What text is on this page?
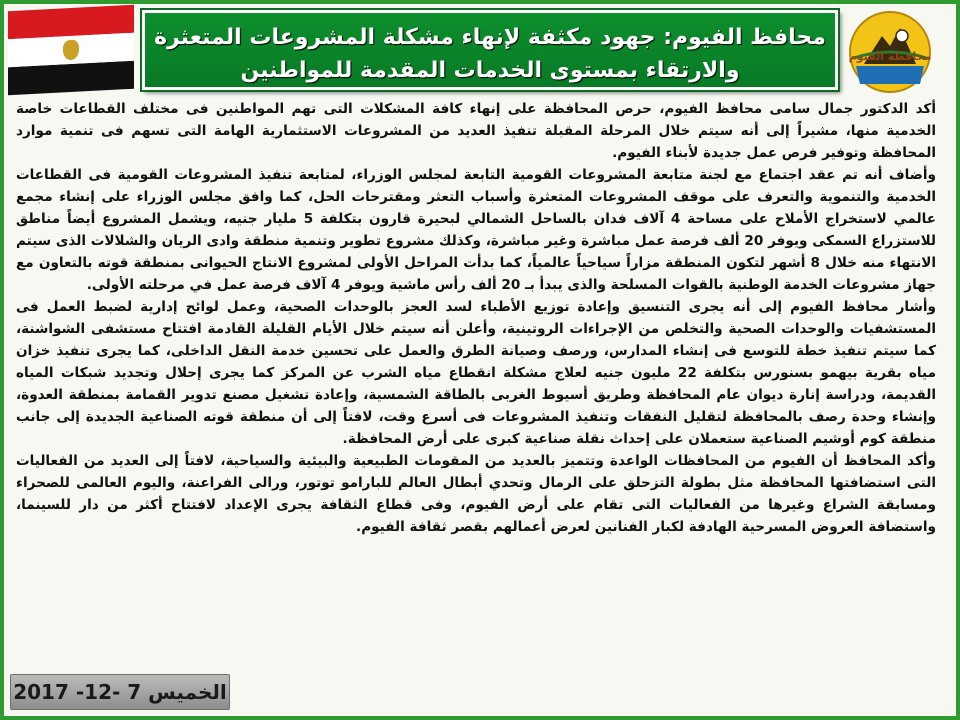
محافظ الفيوم: جهود مكثفة لإنهاء مشكلة المشروعات المتعثرة
والارتقاء بمستوى الخدمات المقدمة للمواطنين
محافظة الفيوم

أكد الدكتور جمال سامى محافظ الفيوم، حرص المحافظة على إنهاء كافة المشكلات التى تهم المواطنين فى مختلف القطاعات خاصة الخدمية منها، مشيراً إلى أنه سيتم خلال المرحلة المقبلة تنفيذ العديد من المشروعات الاستثمارية الهامة التى تسهم فى تنمية موارد المحافظة وتوفير فرص عمل جديدة لأبناء الفيوم.

وأضاف أنه تم عقد اجتماع مع لجنة متابعة المشروعات القومية التابعة لمجلس الوزراء، لمتابعة تنفيذ المشروعات القومية فى القطاعات الخدمية والتنموية والتعرف على موقف المشروعات المتعثرة وأسباب التعثر ومقترحات الحل، كما وافق مجلس الوزراء على إنشاء مجمع عالمي لاستخراج الأملاح على مساحة 4 آلاف فدان بالساحل الشمالي لبحيرة قارون بتكلفة 5 مليار جنيه، ويشمل المشروع أيضاً مناطق للاستزراع السمكى ويوفر 20 ألف فرصة عمل مباشرة وغير مباشرة، وكذلك مشروع تطوير وتنمية منطقة وادى الريان والشلالات الذى سيتم الانتهاء منه خلال 8 أشهر لتكون المنطقة مزاراً سياحياً عالمياً، كما بدأت المراحل الأولى لمشروع الانتاج الحيوانى بمنطقة قوته بالتعاون مع جهاز مشروعات الخدمة الوطنية بالقوات المسلحة والذى يبدأ بـ 20 ألف رأس ماشية ويوفر 4 آلاف فرصة عمل في مرحلته الأولى.

وأشار محافظ الفيوم إلى أنه يجرى التنسيق وإعادة توزيع الأطباء لسد العجز بالوحدات الصحية، وعمل لوائح إدارية لضبط العمل فى المستشفيات والوحدات الصحية والتخلص من الإجراءات الروتينية، وأعلن أنه سيتم خلال الأيام القليلة القادمة افتتاح مستشفى الشواشنة، كما سيتم تنفيذ خطة للتوسع فى إنشاء المدارس، ورصف وصيانة الطرق والعمل على تحسين خدمة النقل الداخلى، كما يجرى تنفيذ خزان مياه بقرية بيهمو بسنورس بتكلفة 22 مليون جنيه لعلاج مشكلة انقطاع مياه الشرب عن المركز كما يجرى إحلال وتجديد شبكات المياه القديمة، ودراسة إنارة ديوان عام المحافظة وطريق أسيوط الغربى بالطاقة الشمسية، وإعادة تشغيل مصنع تدوير القمامة بمنطقة العدوة، وإنشاء وحدة رصف بالمحافظة لتقليل النفقات وتنفيذ المشروعات فى أسرع وقت، لافتاً إلى أن منطقة قوته الصناعية الجديدة إلى جانب منطقة كوم أوشيم الصناعية ستعملان على إحداث نقلة صناعية كبرى على أرض المحافظة.

وأكد المحافظ أن الفيوم من المحافظات الواعدة وتتميز بالعديد من المقومات الطبيعية والبيئية والسياحية، لافتاً إلى العديد من الفعاليات التى استضافتها المحافظة مثل بطولة التزحلق على الرمال وتحدي أبطال العالم للبارامو توتور، ورالى الفراعنة، واليوم العالمى للصحراء ومسابقة الشراع وغيرها من الفعاليات التى تقام على أرض الفيوم، وفى قطاع الثقافة يجرى الإعداد لافتتاح أكثر من دار للسينما، واستضافة العروض المسرحية الهادفة لكبار الفنانين لعرض أعمالهم بقصر ثقافة الفيوم.

الخميس 7 -12- 2017
